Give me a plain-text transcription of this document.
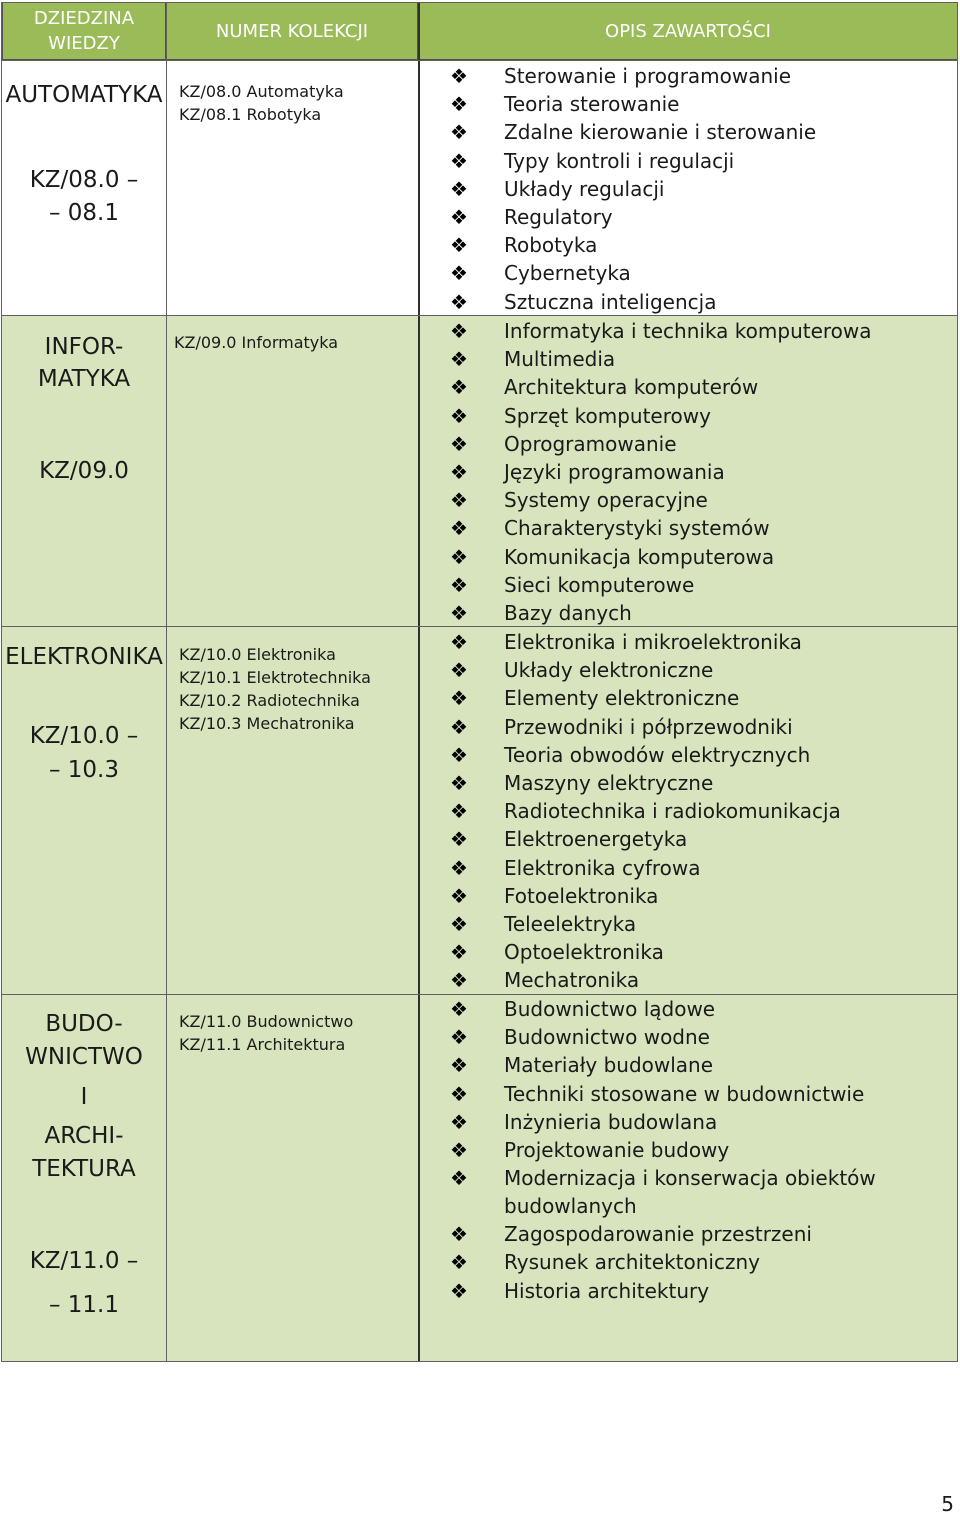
DZIEDZINA
WIEDZY
NUMER KOLEKCJI	OPIS ZAWARTOŚCI
AUTOMATYKA
KZ/08.0 –
– 08.1
KZ/08.0 Automatyka
KZ/08.1 Robotyka
❖ Sterowanie i programowanie
❖ Teoria sterowanie
❖ Zdalne kierowanie i sterowanie
❖ Typy kontroli i regulacji
❖ Układy regulacji
❖ Regulatory
❖ Robotyka
❖ Cybernetyka
❖ Sztuczna inteligencja
INFOR-
MATYKA
KZ/09.0
KZ/09.0 Informatyka	❖ Informatyka i technika komputerowa
❖ Multimedia
❖ Architektura komputerów
❖ Sprzęt komputerowy
❖ Oprogramowanie
❖ Języki programowania
❖ Systemy operacyjne
❖ Charakterystyki systemów
❖ Komunikacja komputerowa
❖ Sieci komputerowe
❖ Bazy danych
ELEKTRONIKA
KZ/10.0 –
– 10.3
KZ/10.0 Elektronika
KZ/10.1 Elektrotechnika
KZ/10.2 Radiotechnika
KZ/10.3 Mechatronika
❖ Elektronika i mikroelektronika
❖ Układy elektroniczne
❖ Elementy elektroniczne
❖ Przewodniki i półprzewodniki
❖ Teoria obwodów elektrycznych
❖ Maszyny elektryczne
❖ Radiotechnika i radiokomunikacja
❖ Elektroenergetyka
❖ Elektronika cyfrowa
❖ Fotoelektronika
❖ Teleelektryka
❖ Optoelektronika
❖ Mechatronika
BUDO-
WNICTWO
I
ARCHI-
TEKTURA
KZ/11.0 –
– 11.1
KZ/11.0 Budownictwo
KZ/11.1 Architektura
❖ Budownictwo lądowe
❖ Budownictwo wodne
❖ Materiały budowlane
❖ Techniki stosowane w budownictwie
❖ Inżynieria budowlana
❖ Projektowanie budowy
❖ Modernizacja i konserwacja obiektów budowlanych
❖ Zagospodarowanie przestrzeni
❖ Rysunek architektoniczny
❖ Historia architektury
5
